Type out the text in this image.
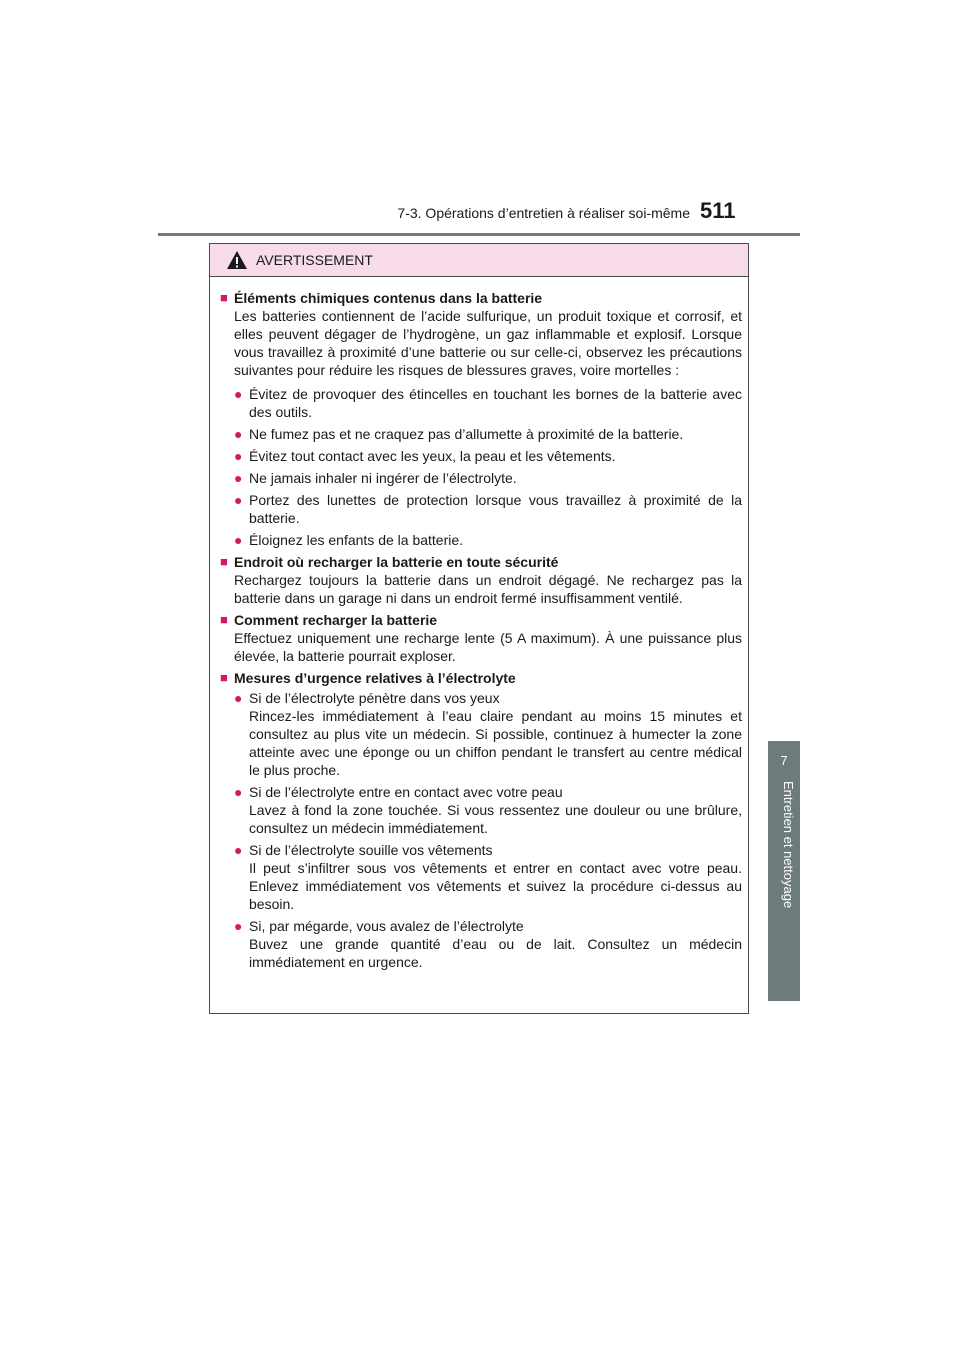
7-3. Opérations d’entretien à réaliser soi-même 511
7
Entretien et nettoyage
AVERTISSEMENT
■ Éléments chimiques contenus dans la batterie
Les batteries contiennent de l’acide sulfurique, un produit toxique et corrosif, et elles peuvent dégager de l’hydrogène, un gaz inflammable et explosif. Lorsque vous travaillez à proximité d’une batterie ou sur celle-ci, observez les précautions suivantes pour réduire les risques de blessures graves, voire mortelles :
● Évitez de provoquer des étincelles en touchant les bornes de la batterie avec des outils.
● Ne fumez pas et ne craquez pas d’allumette à proximité de la batterie.
● Évitez tout contact avec les yeux, la peau et les vêtements.
● Ne jamais inhaler ni ingérer de l’électrolyte.
● Portez des lunettes de protection lorsque vous travaillez à proximité de la batterie.
● Éloignez les enfants de la batterie.
■ Endroit où recharger la batterie en toute sécurité
Rechargez toujours la batterie dans un endroit dégagé. Ne rechargez pas la batterie dans un garage ni dans un endroit fermé insuffisamment ventilé.
■ Comment recharger la batterie
Effectuez uniquement une recharge lente (5 A maximum). À une puissance plus élevée, la batterie pourrait exploser.
■ Mesures d’urgence relatives à l’électrolyte
● Si de l’électrolyte pénètre dans vos yeux
Rincez-les immédiatement à l’eau claire pendant au moins 15 minutes et consultez au plus vite un médecin. Si possible, continuez à humecter la zone atteinte avec une éponge ou un chiffon pendant le transfert au centre médical le plus proche.
● Si de l’électrolyte entre en contact avec votre peau
Lavez à fond la zone touchée. Si vous ressentez une douleur ou une brûlure, consultez un médecin immédiatement.
● Si de l’électrolyte souille vos vêtements
Il peut s’infiltrer sous vos vêtements et entrer en contact avec votre peau. Enlevez immédiatement vos vêtements et suivez la procédure ci-dessus au besoin.
● Si, par mégarde, vous avalez de l’électrolyte
Buvez une grande quantité d’eau ou de lait. Consultez un médecin immédiatement en urgence.
